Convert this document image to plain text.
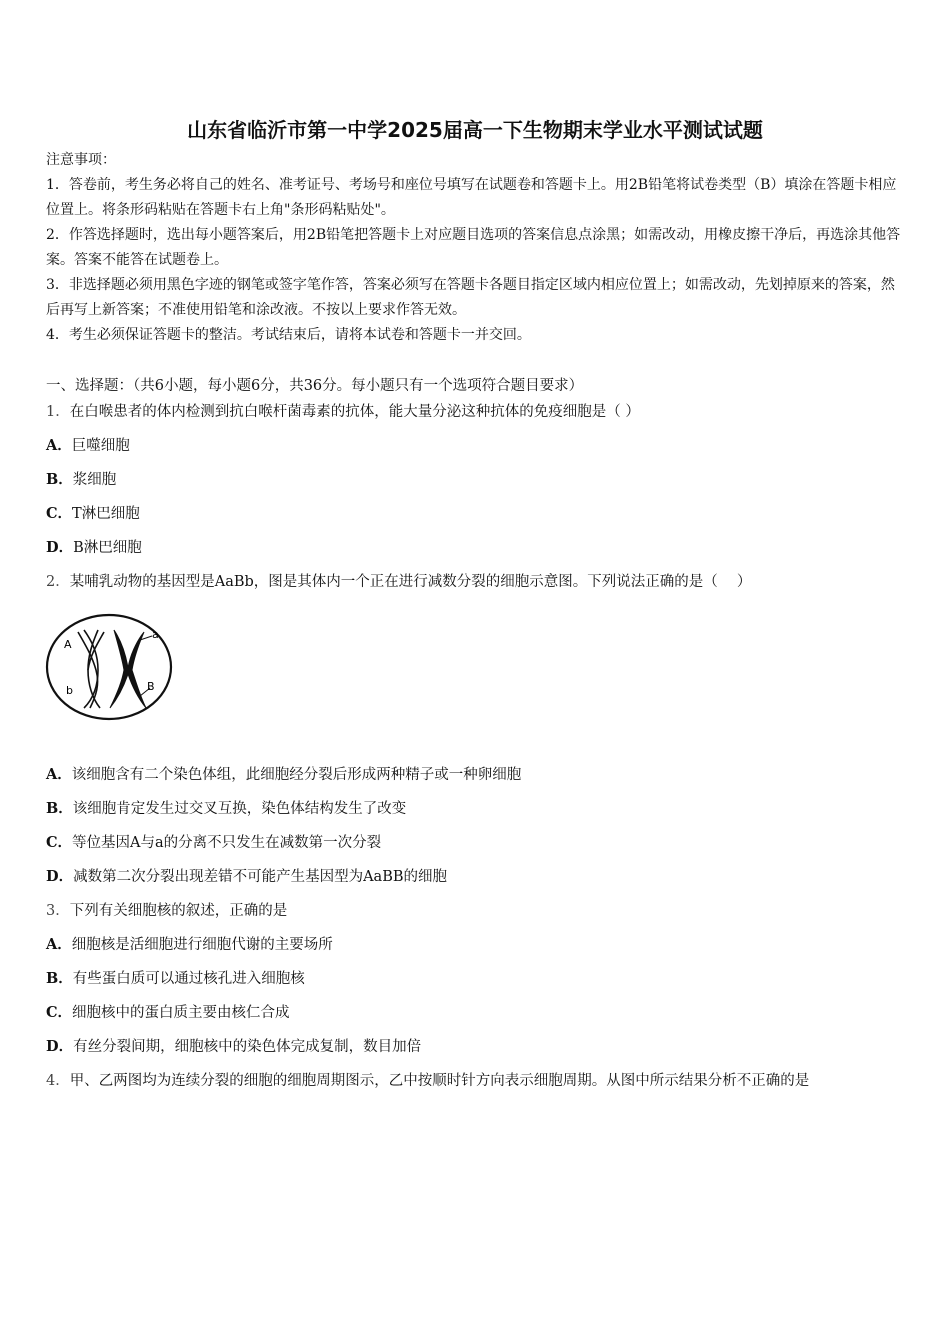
山东省临沂市第一中学2025届高一下生物期末学业水平测试试题

注意事项：

1．答卷前，考生务必将自己的姓名、准考证号、考场号和座位号填写在试题卷和答题卡上。用2B铅笔将试卷类型（B）填涂在答题卡相应位置上。将条形码粘贴在答题卡右上角"条形码粘贴处"。

2．作答选择题时，选出每小题答案后，用2B铅笔把答题卡上对应题目选项的答案信息点涂黑；如需改动，用橡皮擦干净后，再选涂其他答案。答案不能答在试题卷上。

3．非选择题必须用黑色字迹的钢笔或签字笔作答，答案必须写在答题卡各题目指定区域内相应位置上；如需改动，先划掉原来的答案，然后再写上新答案；不准使用铅笔和涂改液。不按以上要求作答无效。

4．考生必须保证答题卡的整洁。考试结束后，请将本试卷和答题卡一并交回。

一、选择题：（共6小题，每小题6分，共36分。每小题只有一个选项符合题目要求）
1．在白喉患者的体内检测到抗白喉杆菌毒素的抗体，能大量分泌这种抗体的免疫细胞是（ ）
A．巨噬细胞
B．浆细胞
C．T淋巴细胞
D．B淋巴细胞
2．某哺乳动物的基因型是AaBb，图是其体内一个正在进行减数分裂的细胞示意图。下列说法正确的是（　 ）
A
a
b	B
A．该细胞含有二个染色体组，此细胞经分裂后形成两种精子或一种卵细胞
B．该细胞肯定发生过交叉互换，染色体结构发生了改变
C．等位基因A与a的分离不只发生在减数第一次分裂
D．减数第二次分裂出现差错不可能产生基因型为AaBB的细胞
3．下列有关细胞核的叙述，正确的是
A．细胞核是活细胞进行细胞代谢的主要场所
B．有些蛋白质可以通过核孔进入细胞核
C．细胞核中的蛋白质主要由核仁合成
D．有丝分裂间期，细胞核中的染色体完成复制，数目加倍
4．甲、乙两图均为连续分裂的细胞的细胞周期图示，乙中按顺时针方向表示细胞周期。从图中所示结果分析不正确的是
